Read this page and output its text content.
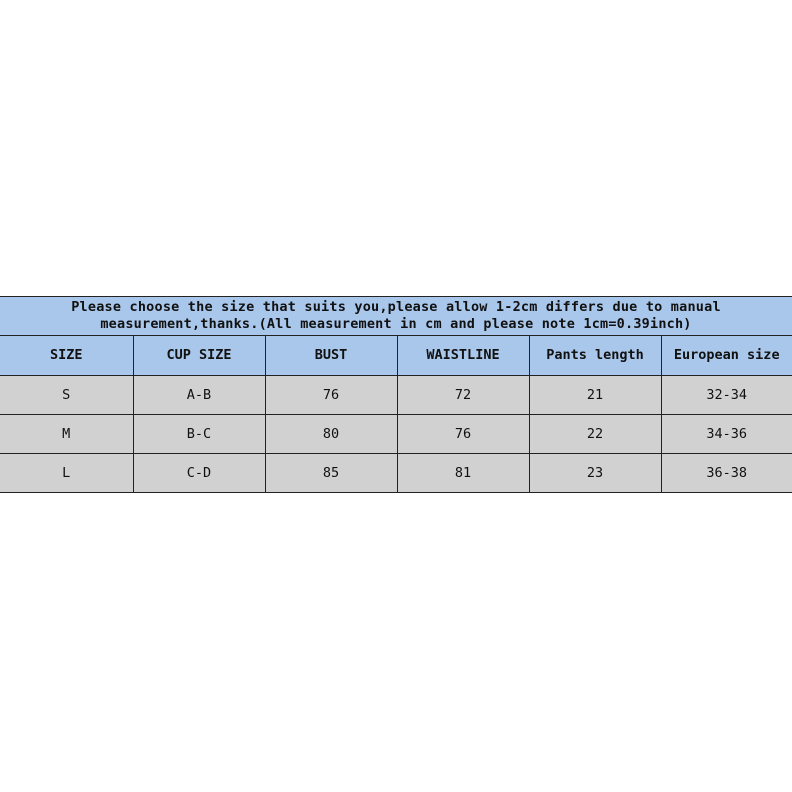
Please choose the size that suits you,please allow 1-2cm differs due to manual
measurement,thanks.(All measurement in cm and please note 1cm=0.39inch)
SIZE	CUP SIZE	BUST	WAISTLINE	Pants length	European size
S	A-B	76	72	21	32-34
M	B-C	80	76	22	34-36
L	C-D	85	81	23	36-38
